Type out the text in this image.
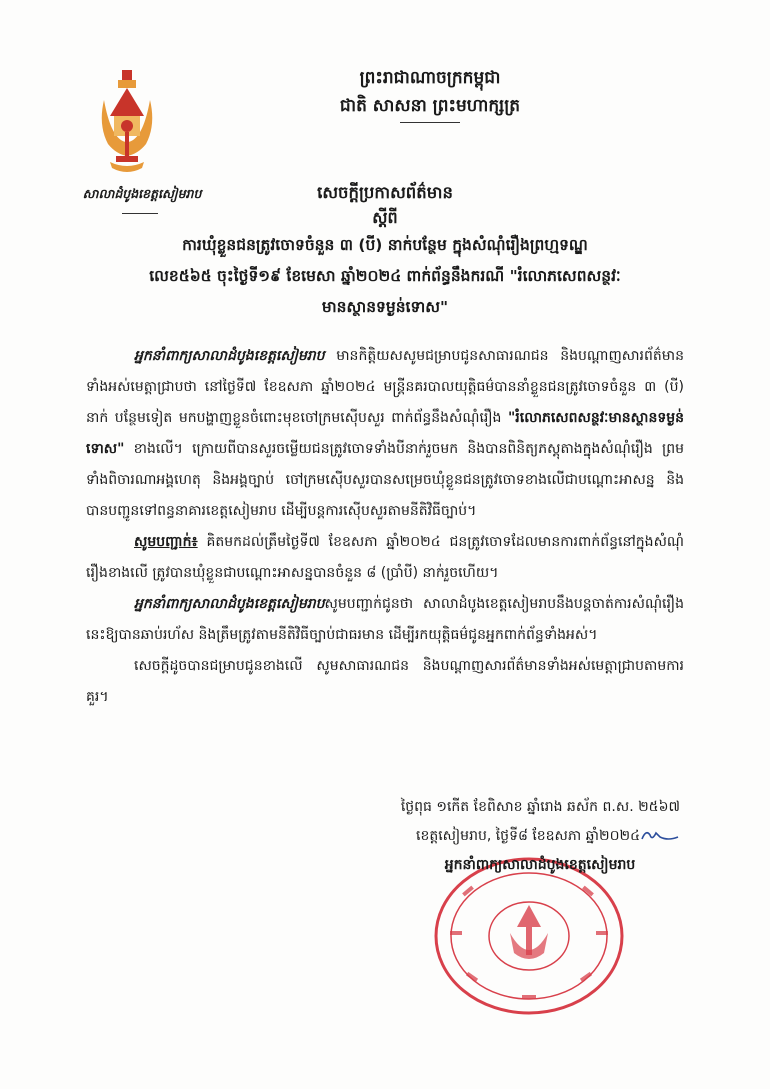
សាលាដំបូងខេត្តសៀមរាប
ព្រះរាជាណាចក្រកម្ពុជា
ជាតិ សាសនា ព្រះមហាក្សត្រ
សេចក្តីប្រកាសព័ត៌មាន
ស្តីពី
ការឃុំខ្លួនជនត្រូវចោទចំនួន ៣ (បី) នាក់បន្ថែម ក្នុងសំណុំរឿងព្រហ្មទណ្ឌ
លេខ៥៦៥ ចុះថ្ងៃទី១៩ ខែមេសា ឆ្នាំ២០២៤ ពាក់ព័ន្ធនឹងករណី "រំលោភសេពសន្ថវៈ
មានស្ថានទម្ងន់ទោស"

អ្នកនាំពាក្យសាលាដំបូងខេត្តសៀមរាប មានកិត្តិយសសូមជម្រាបជូនសាធារណជន និងបណ្តាញសារព័ត៌មានទាំងអស់មេត្តាជ្រាបថា នៅថ្ងៃទី៧ ខែឧសភា ឆ្នាំ២០២៤ មន្ត្រីនគរបាលយុត្តិធម៌បាននាំខ្លួនជនត្រូវចោទចំនួន ៣ (បី) នាក់ បន្ថែមទៀត មកបង្ហាញខ្លួនចំពោះមុខចៅក្រមស៊ើបសួរ ពាក់ព័ន្ធនឹងសំណុំរឿង "រំលោភសេពសន្ថវៈមានស្ថានទម្ងន់ទោស" ខាងលើ។ ក្រោយពីបានសួរចម្លើយជនត្រូវចោទទាំងបីនាក់រួចមក និងបានពិនិត្យភស្តុតាងក្នុងសំណុំរឿង ព្រមទាំងពិចារណាអង្គហេតុ និងអង្គច្បាប់ ចៅក្រមស៊ើបសួរបានសម្រេចឃុំខ្លួនជនត្រូវចោទខាងលើជាបណ្តោះអាសន្ន និងបានបញ្ជូនទៅពន្ធនាគារខេត្តសៀមរាប ដើម្បីបន្តការស៊ើបសួរតាមនីតិវិធីច្បាប់។

សូមបញ្ជាក់៖ គិតមកដល់ត្រឹមថ្ងៃទី៧ ខែឧសភា ឆ្នាំ២០២៤ ជនត្រូវចោទដែលមានការពាក់ព័ន្ធនៅក្នុងសំណុំរឿងខាងលើ ត្រូវបានឃុំខ្លួនជាបណ្តោះអាសន្នបានចំនួន ៨ (ប្រាំបី) នាក់រួចហើយ។

អ្នកនាំពាក្យសាលាដំបូងខេត្តសៀមរាបសូមបញ្ជាក់ជូនថា សាលាដំបូងខេត្តសៀមរាបនឹងបន្តចាត់ការសំណុំរឿងនេះឱ្យបានឆាប់រហ័ស និងត្រឹមត្រូវតាមនីតិវិធីច្បាប់ជាធរមាន ដើម្បីរកយុត្តិធម៌ជូនអ្នកពាក់ព័ន្ធទាំងអស់។

សេចក្តីដូចបានជម្រាបជូនខាងលើ សូមសាធារណជន និងបណ្តាញសារព័ត៌មានទាំងអស់មេត្តាជ្រាបតាមការគួរ។

ថ្ងៃពុធ ១កើត ខែពិសាខ ឆ្នាំរោង ឆស័ក ព.ស. ២៥៦៧
ខេត្តសៀមរាប, ថ្ងៃទី៨ ខែឧសភា ឆ្នាំ២០២៤
អ្នកនាំពាក្យសាលាដំបូងខេត្តសៀមរាប
